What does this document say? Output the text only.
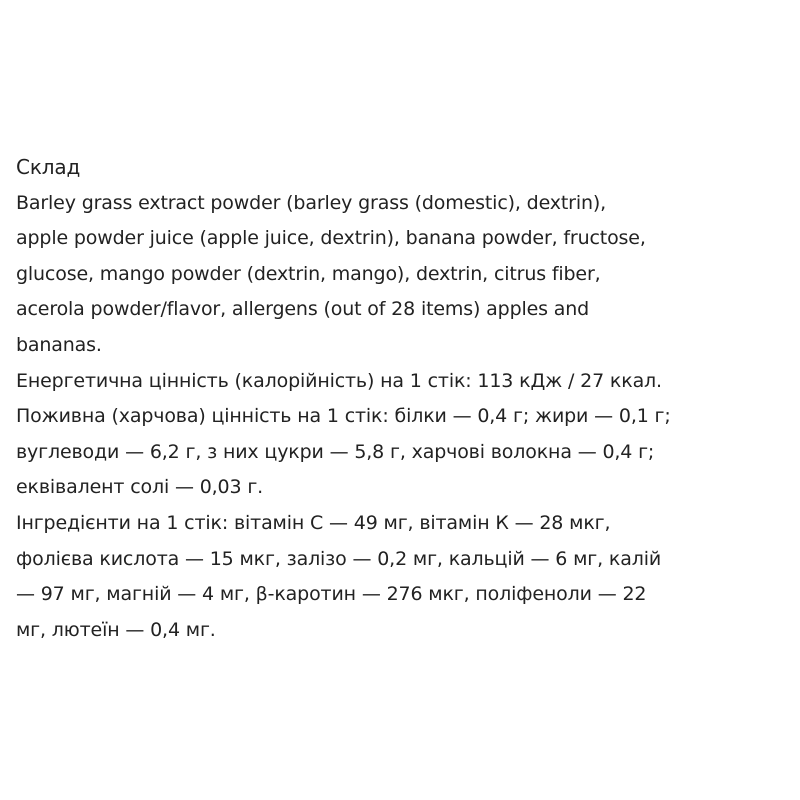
Склад
Barley grass extract powder (barley grass (domestic), dextrin),
apple powder juice (apple juice, dextrin), banana powder, fructose,
glucose, mango powder (dextrin, mango), dextrin, citrus fiber,
acerola powder/flavor, allergens (out of 28 items) apples and
bananas.
Енергетична цінність (калорійність) на 1 стік: 113 кДж / 27 ккал.
Поживна (харчова) цінність на 1 стік: білки — 0,4 г; жири — 0,1 г;
вуглеводи — 6,2 г, з них цукри — 5,8 г, харчові волокна — 0,4 г;
еквівалент солі — 0,03 г.
Інгредієнти на 1 стік: вітамін С — 49 мг, вітамін К — 28 мкг,
фолієва кислота — 15 мкг, залізо — 0,2 мг, кальцій — 6 мг, калій
— 97 мг, магній — 4 мг, β-каротин — 276 мкг, поліфеноли — 22
мг, лютеїн — 0,4 мг.
